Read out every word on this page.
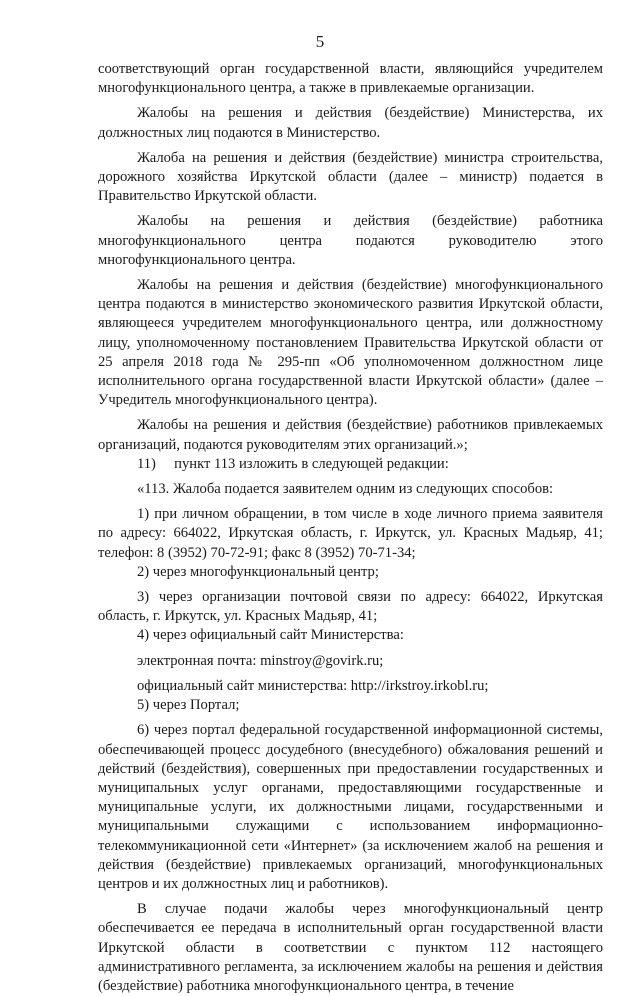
5

соответствующий орган государственной власти, являющийся учредителем многофункционального центра, а также в привлекаемые организации.

Жалобы на решения и действия (бездействие) Министерства, их должностных лиц подаются в Министерство.

Жалоба на решения и действия (бездействие) министра строительства, дорожного хозяйства Иркутской области (далее – министр) подается в Правительство Иркутской области.

Жалобы на решения и действия (бездействие) работника многофункционального центра подаются руководителю этого многофункционального центра.

Жалобы на решения и действия (бездействие) многофункционального центра подаются в министерство экономического развития Иркутской области, являющееся учредителем многофункционального центра, или должностному лицу, уполномоченному постановлением Правительства Иркутской области от 25 апреля 2018 года № 295-пп «Об уполномоченном должностном лице исполнительного органа государственной власти Иркутской области» (далее – Учредитель многофункционального центра).

Жалобы на решения и действия (бездействие) работников привлекаемых организаций, подаются руководителям этих организаций.»;

11)     пункт 113 изложить в следующей редакции:

«113. Жалоба подается заявителем одним из следующих способов:

1) при личном обращении, в том числе в ходе личного приема заявителя по адресу: 664022, Иркутская область, г. Иркутск, ул. Красных Мадьяр, 41; телефон: 8 (3952) 70-72-91; факс 8 (3952) 70-71-34;

2) через многофункциональный центр;

3) через организации почтовой связи по адресу: 664022, Иркутская область, г. Иркутск, ул. Красных Мадьяр, 41;

4) через официальный сайт Министерства:

электронная почта: minstroy@govirk.ru;

официальный сайт министерства: http://irkstroy.irkobl.ru;

5) через Портал;

6) через портал федеральной государственной информационной системы, обеспечивающей процесс досудебного (внесудебного) обжалования решений и действий (бездействия), совершенных при предоставлении государственных и муниципальных услуг органами, предоставляющими государственные и муниципальные услуги, их должностными лицами, государственными и муниципальными служащими с использованием информационно-телекоммуникационной сети «Интернет» (за исключением жалоб на решения и действия (бездействие) привлекаемых организаций, многофункциональных центров и их должностных лиц и работников).

В случае подачи жалобы через многофункциональный центр обеспечивается ее передача в исполнительный орган государственной власти Иркутской области в соответствии с пунктом 112 настоящего административного регламента, за исключением жалобы на решения и действия (бездействие) работника многофункционального центра, в течение
